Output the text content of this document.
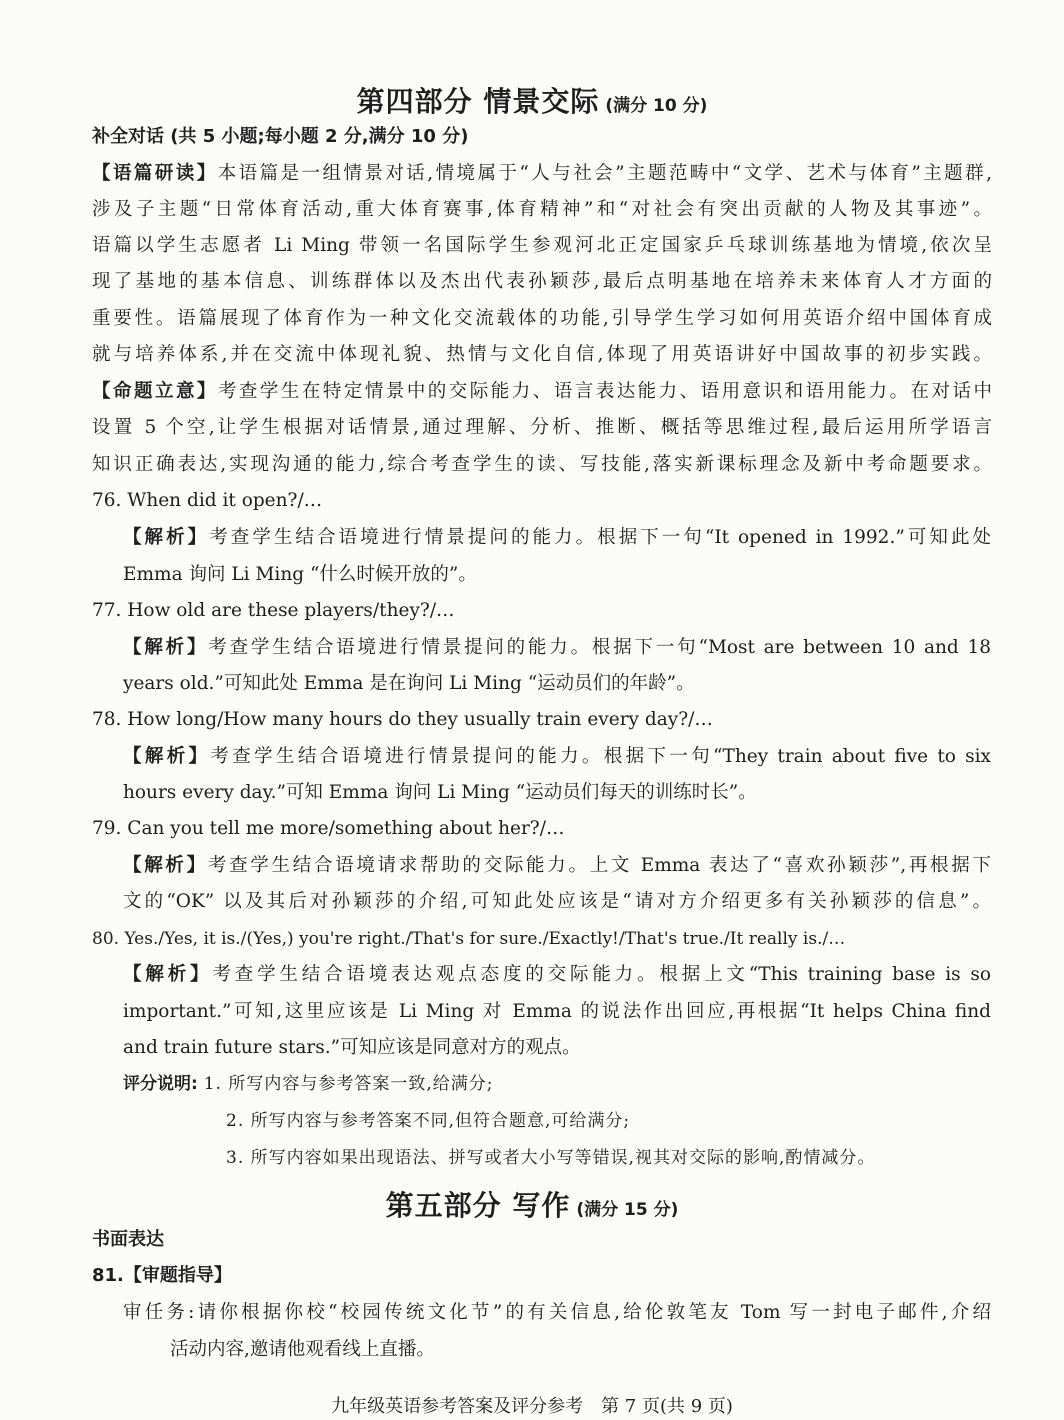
第四部分 情景交际 (满分 10 分)
补全对话 (共 5 小题;每小题 2 分,满分 10 分)
【语篇研读】本语篇是一组情景对话,情境属于“人与社会”主题范畴中“文学、艺术与体育”主题群,
涉及子主题“日常体育活动,重大体育赛事,体育精神”和“对社会有突出贡献的人物及其事迹”。
语篇以学生志愿者 Li Ming 带领一名国际学生参观河北正定国家乒乓球训练基地为情境,依次呈
现了基地的基本信息、训练群体以及杰出代表孙颖莎,最后点明基地在培养未来体育人才方面的
重要性。语篇展现了体育作为一种文化交流载体的功能,引导学生学习如何用英语介绍中国体育成
就与培养体系,并在交流中体现礼貌、热情与文化自信,体现了用英语讲好中国故事的初步实践。
【命题立意】考查学生在特定情景中的交际能力、语言表达能力、语用意识和语用能力。在对话中
设置 5 个空,让学生根据对话情景,通过理解、分析、推断、概括等思维过程,最后运用所学语言
知识正确表达,实现沟通的能力,综合考查学生的读、写技能,落实新课标理念及新中考命题要求。
76. When did it open?/…
【解析】考查学生结合语境进行情景提问的能力。根据下一句“It opened in 1992.”可知此处
Emma 询问 Li Ming “什么时候开放的”。
77. How old are these players/they?/…
【解析】考查学生结合语境进行情景提问的能力。根据下一句“Most are between 10 and 18
years old.”可知此处 Emma 是在询问 Li Ming “运动员们的年龄”。
78. How long/How many hours do they usually train every day?/…
【解析】考查学生结合语境进行情景提问的能力。根据下一句“They train about five to six
hours every day.”可知 Emma 询问 Li Ming “运动员们每天的训练时长”。
79. Can you tell me more/something about her?/…
【解析】考查学生结合语境请求帮助的交际能力。上文 Emma 表达了“喜欢孙颖莎”,再根据下
文的“OK” 以及其后对孙颖莎的介绍,可知此处应该是“请对方介绍更多有关孙颖莎的信息”。
80. Yes./Yes, it is./(Yes,) you're right./That's for sure./Exactly!/That's true./It really is./…
【解析】考查学生结合语境表达观点态度的交际能力。根据上文“This training base is so
important.”可知,这里应该是 Li Ming 对 Emma 的说法作出回应,再根据“It helps China find
and train future stars.”可知应该是同意对方的观点。
评分说明: 1. 所写内容与参考答案一致,给满分;
2. 所写内容与参考答案不同,但符合题意,可给满分;
3. 所写内容如果出现语法、拼写或者大小写等错误,视其对交际的影响,酌情减分。
第五部分 写作 (满分 15 分)
书面表达
81.【审题指导】
审任务:请你根据你校“校园传统文化节”的有关信息,给伦敦笔友 Tom 写一封电子邮件,介绍
活动内容,邀请他观看线上直播。
九年级英语参考答案及评分参考　第 7 页(共 9 页)
